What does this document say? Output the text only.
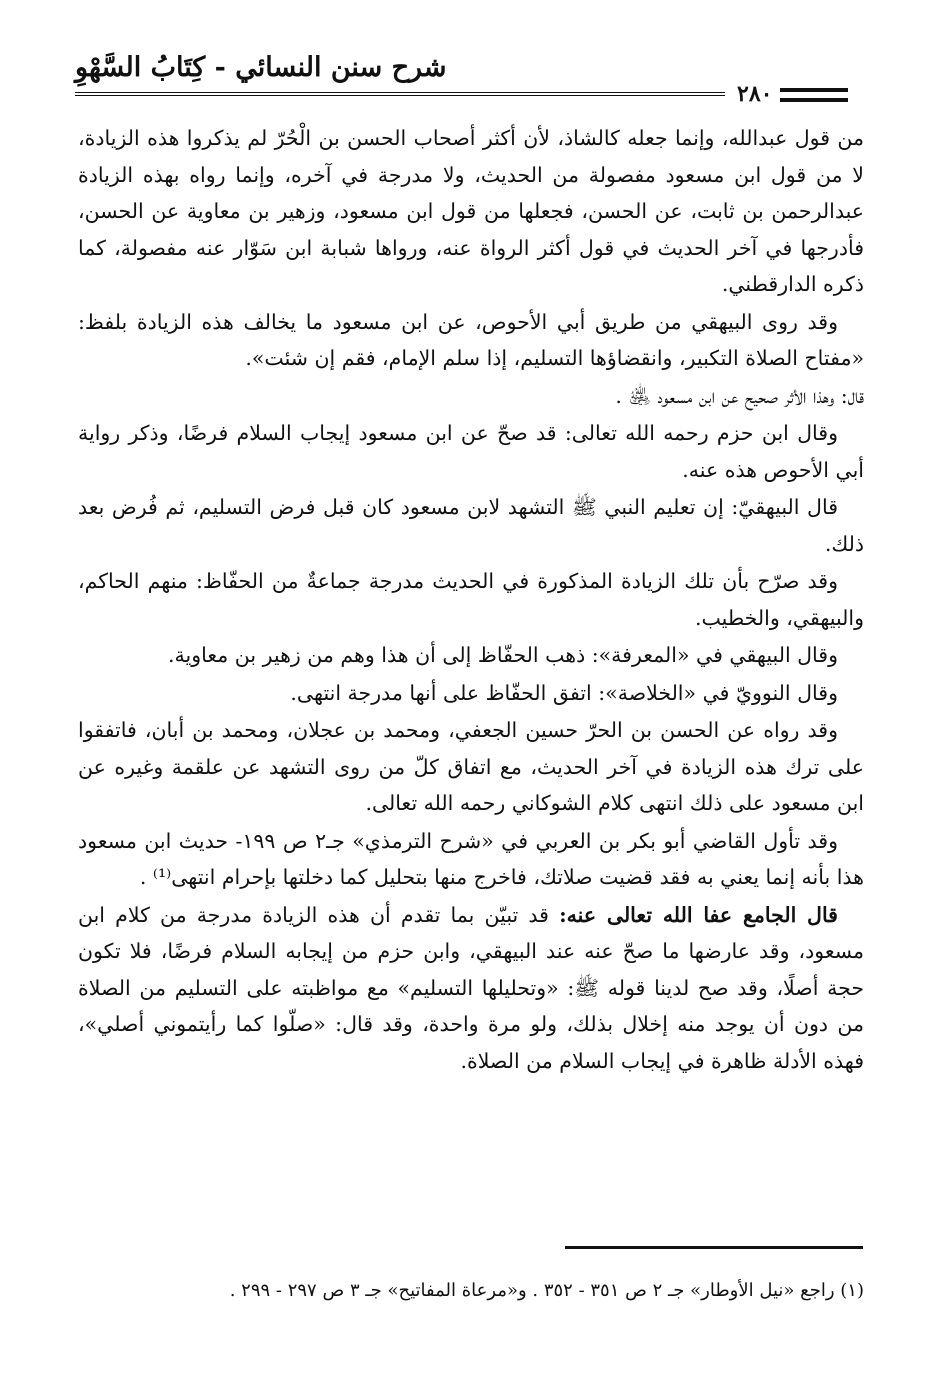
شرح سنن النسائي - كِتَابُ السَّهْوِ
٢٨٠

من قول عبدالله، وإنما جعله كالشاذ، لأن أكثر أصحاب الحسن بن الْحُرّ لم يذكروا هذه الزيادة، لا من قول ابن مسعود مفصولة من الحديث، ولا مدرجة في آخره، وإنما رواه بهذه الزيادة عبدالرحمن بن ثابت، عن الحسن، فجعلها من قول ابن مسعود، وزهير بن معاوية عن الحسن، فأدرجها في آخر الحديث في قول أكثر الرواة عنه، ورواها شبابة ابن سَوّار عنه مفصولة، كما ذكره الدارقطني.

وقد روى البيهقي من طريق أبي الأحوص، عن ابن مسعود ما يخالف هذه الزيادة بلفظ: «مفتاح الصلاة التكبير، وانقضاؤها التسليم، إذا سلم الإمام، فقم إن شئت».

قال: وهذا الأثر صحيح عن ابن مسعود ﵁ .

وقال ابن حزم رحمه الله تعالى: قد صحّ عن ابن مسعود إيجاب السلام فرضًا، وذكر رواية أبي الأحوص هذه عنه.

قال البيهقيّ: إن تعليم النبي ﷺ التشهد لابن مسعود كان قبل فرض التسليم، ثم فُرض بعد ذلك.

وقد صرّح بأن تلك الزيادة المذكورة في الحديث مدرجة جماعةٌ من الحفّاظ: منهم الحاكم، والبيهقي، والخطيب.

وقال البيهقي في «المعرفة»: ذهب الحفّاظ إلى أن هذا وهم من زهير بن معاوية.

وقال النوويّ في «الخلاصة»: اتفق الحفّاظ على أنها مدرجة انتهى.

وقد رواه عن الحسن بن الحرّ حسين الجعفي، ومحمد بن عجلان، ومحمد بن أبان، فاتفقوا على ترك هذه الزيادة في آخر الحديث، مع اتفاق كلّ من روى التشهد عن علقمة وغيره عن ابن مسعود على ذلك انتهى كلام الشوكاني رحمه الله تعالى.

وقد تأول القاضي أبو بكر بن العربي في «شرح الترمذي» جـ٢ ص ١٩٩- حديث ابن مسعود هذا بأنه إنما يعني به فقد قضيت صلاتك، فاخرج منها بتحليل كما دخلتها بإحرام انتهى⁽¹⁾ .

قال الجامع عفا الله تعالى عنه: قد تبيّن بما تقدم أن هذه الزيادة مدرجة من كلام ابن مسعود، وقد عارضها ما صحّ عنه عند البيهقي، وابن حزم من إيجابه السلام فرضًا، فلا تكون حجة أصلًا، وقد صح لدينا قوله ﷺ: «وتحليلها التسليم» مع مواظبته على التسليم من الصلاة من دون أن يوجد منه إخلال بذلك، ولو مرة واحدة، وقد قال: «صلّوا كما رأيتموني أصلي»، فهذه الأدلة ظاهرة في إيجاب السلام من الصلاة.

(١) راجع «نيل الأوطار» جـ ٢ ص ٣٥١ - ٣٥٢ . و«مرعاة المفاتيح» جـ ٣ ص ٢٩٧ - ٢٩٩ .
